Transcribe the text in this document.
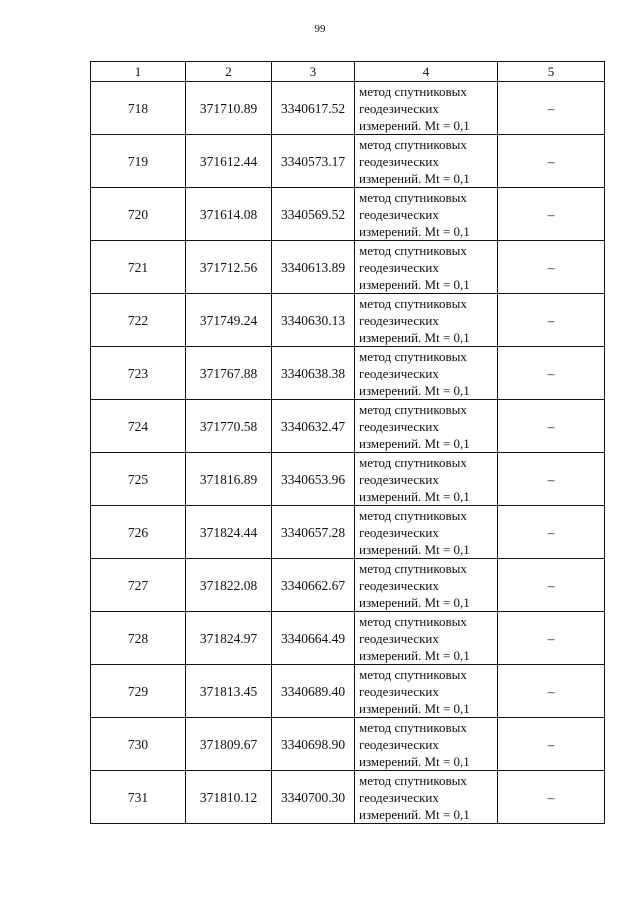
99
1	2	3	4	5
718	371710.89	3340617.52	метод спутниковых
геодезических
измерений. Mt = 0,1	–
719	371612.44	3340573.17	метод спутниковых
геодезических
измерений. Mt = 0,1	–
720	371614.08	3340569.52	метод спутниковых
геодезических
измерений. Mt = 0,1	–
721	371712.56	3340613.89	метод спутниковых
геодезических
измерений. Mt = 0,1	–
722	371749.24	3340630.13	метод спутниковых
геодезических
измерений. Mt = 0,1	–
723	371767.88	3340638.38	метод спутниковых
геодезических
измерений. Mt = 0,1	–
724	371770.58	3340632.47	метод спутниковых
геодезических
измерений. Mt = 0,1	–
725	371816.89	3340653.96	метод спутниковых
геодезических
измерений. Mt = 0,1	–
726	371824.44	3340657.28	метод спутниковых
геодезических
измерений. Mt = 0,1	–
727	371822.08	3340662.67	метод спутниковых
геодезических
измерений. Mt = 0,1	–
728	371824.97	3340664.49	метод спутниковых
геодезических
измерений. Mt = 0,1	–
729	371813.45	3340689.40	метод спутниковых
геодезических
измерений. Mt = 0,1	–
730	371809.67	3340698.90	метод спутниковых
геодезических
измерений. Mt = 0,1	–
731	371810.12	3340700.30	метод спутниковых
геодезических
измерений. Mt = 0,1	–
